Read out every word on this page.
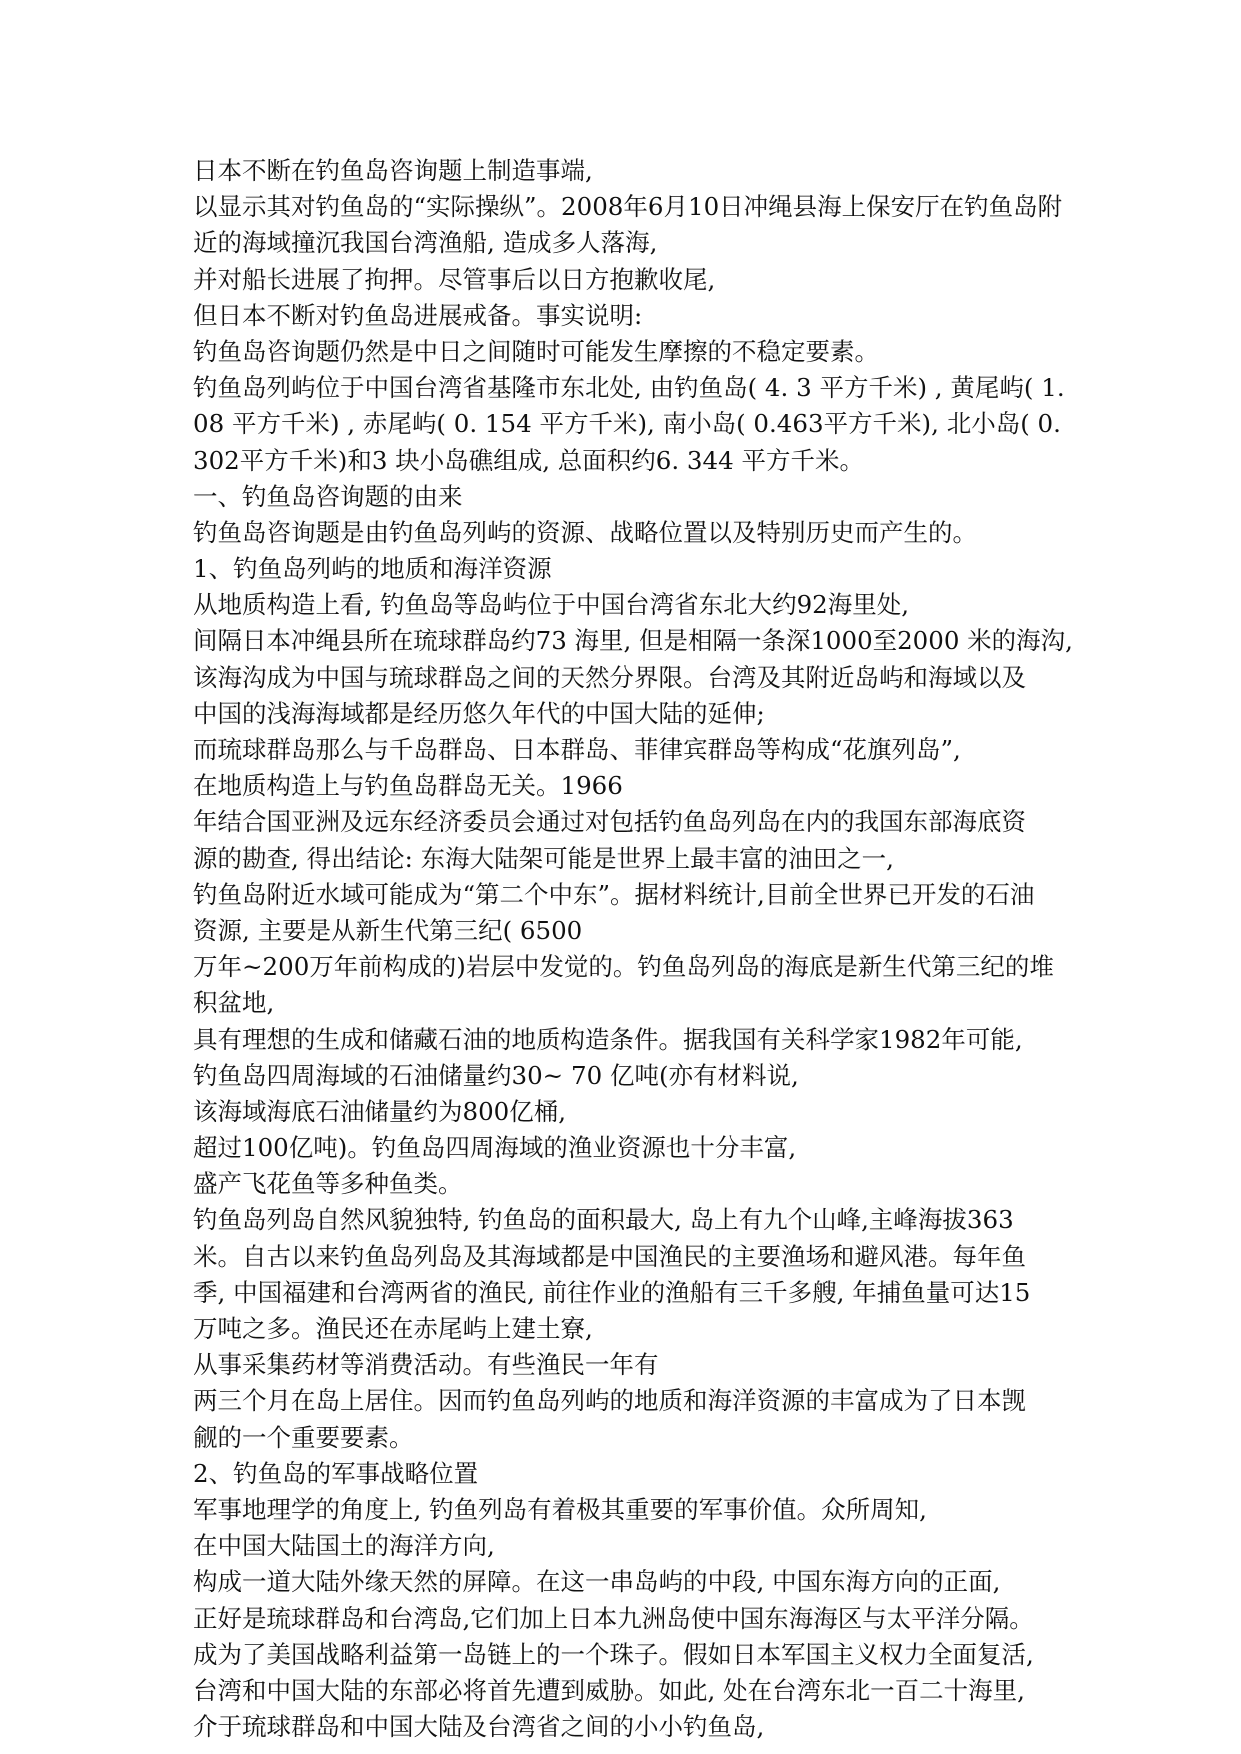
日本不断在钓鱼岛咨询题上制造事端,
以显示其对钓鱼岛的“实际操纵”。2008年6月10日冲绳县海上保安厅在钓鱼岛附
近的海域撞沉我国台湾渔船, 造成多人落海,
并对船长进展了拘押。尽管事后以日方抱歉收尾,
但日本不断对钓鱼岛进展戒备。事实说明:
钓鱼岛咨询题仍然是中日之间随时可能发生摩擦的不稳定要素。
钓鱼岛列屿位于中国台湾省基隆市东北处, 由钓鱼岛( 4. 3 平方千米) , 黄尾屿( 1.
08 平方千米) , 赤尾屿( 0. 154 平方千米), 南小岛( 0.463平方千米), 北小岛( 0.
302平方千米)和3 块小岛礁组成, 总面积约6. 344 平方千米。
一、钓鱼岛咨询题的由来
钓鱼岛咨询题是由钓鱼岛列屿的资源、战略位置以及特别历史而产生的。
1、钓鱼岛列屿的地质和海洋资源
从地质构造上看, 钓鱼岛等岛屿位于中国台湾省东北大约92海里处,
间隔日本冲绳县所在琉球群岛约73 海里, 但是相隔一条深1000至2000 米的海沟,
该海沟成为中国与琉球群岛之间的天然分界限。台湾及其附近岛屿和海域以及
中国的浅海海域都是经历悠久年代的中国大陆的延伸;
而琉球群岛那么与千岛群岛、日本群岛、菲律宾群岛等构成“花旗列岛”,
在地质构造上与钓鱼岛群岛无关。1966
年结合国亚洲及远东经济委员会通过对包括钓鱼岛列岛在内的我国东部海底资
源的勘查, 得出结论: 东海大陆架可能是世界上最丰富的油田之一,
钓鱼岛附近水域可能成为“第二个中东”。据材料统计,目前全世界已开发的石油
资源, 主要是从新生代第三纪( 6500
万年~200万年前构成的)岩层中发觉的。钓鱼岛列岛的海底是新生代第三纪的堆
积盆地,
具有理想的生成和储藏石油的地质构造条件。据我国有关科学家1982年可能,
钓鱼岛四周海域的石油储量约30~ 70 亿吨(亦有材料说,
该海域海底石油储量约为800亿桶,
超过100亿吨)。钓鱼岛四周海域的渔业资源也十分丰富,
盛产飞花鱼等多种鱼类。
钓鱼岛列岛自然风貌独特, 钓鱼岛的面积最大, 岛上有九个山峰,主峰海拔363
米。自古以来钓鱼岛列岛及其海域都是中国渔民的主要渔场和避风港。每年鱼
季, 中国福建和台湾两省的渔民, 前往作业的渔船有三千多艘, 年捕鱼量可达15
万吨之多。渔民还在赤尾屿上建土寮,
从事采集药材等消费活动。有些渔民一年有
两三个月在岛上居住。因而钓鱼岛列屿的地质和海洋资源的丰富成为了日本觊
觎的一个重要要素。
2、钓鱼岛的军事战略位置
军事地理学的角度上, 钓鱼列岛有着极其重要的军事价值。众所周知,
在中国大陆国土的海洋方向,
构成一道大陆外缘天然的屏障。在这一串岛屿的中段, 中国东海方向的正面,
正好是琉球群岛和台湾岛,它们加上日本九洲岛使中国东海海区与太平洋分隔。
成为了美国战略利益第一岛链上的一个珠子。假如日本军国主义权力全面复活,
台湾和中国大陆的东部必将首先遭到威胁。如此, 处在台湾东北一百二十海里,
介于琉球群岛和中国大陆及台湾省之间的小小钓鱼岛,
